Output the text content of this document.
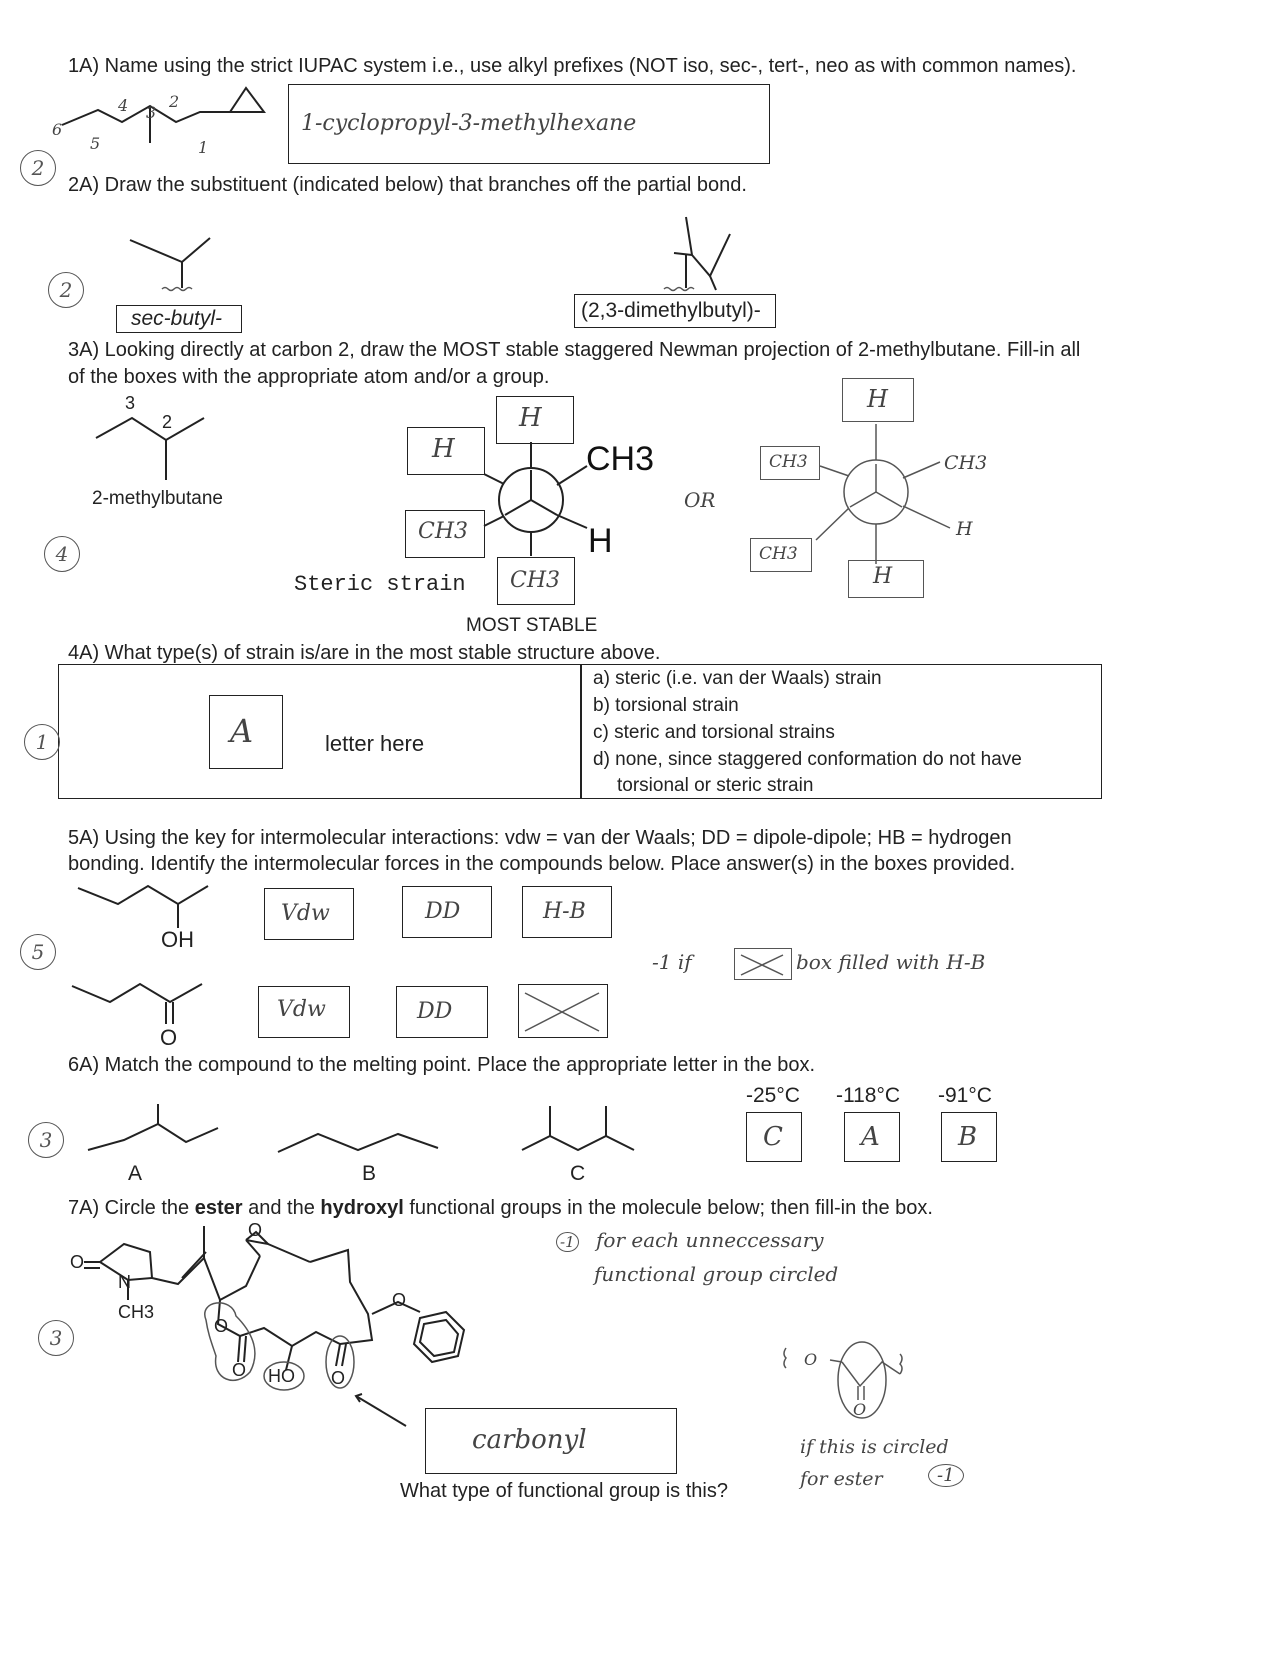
1A) Name using the strict IUPAC system i.e., use alkyl prefixes (NOT iso, sec-, tert-, neo as with common names).
6
5
4 3
2
1
1-cyclopropyl-3-methylhexane
2
2A) Draw the substituent (indicated below) that branches off the partial bond.
2
sec-butyl-	(2,3-dimethylbutyl)-
3A) Looking directly at carbon 2, draw the MOST stable staggered Newman projection of 2-methylbutane. Fill-in all
of the boxes with the appropriate atom and/or a group.
3
2
2-methylbutane
4
CH3
H
H
H
CH3
CH3
Steric strain
MOST STABLE
OR
H
CH3	CH3
H
CH3
H
4A) What type(s) of strain is/are in the most stable structure above.
A	letter here
a) steric (i.e. van der Waals) strain
b) torsional strain
c) steric and torsional strains
d) none, since staggered conformation do not have
torsional or steric strain
1
5A) Using the key for intermolecular interactions: vdw = van der Waals; DD = dipole-dipole; HB = hydrogen
bonding. Identify the intermolecular forces in the compounds below. Place answer(s) in the boxes provided.
5	OH
Vdw	DD	H-B
O
Vdw	DD
-1 if	box filled with H-B
6A) Match the compound to the melting point. Place the appropriate letter in the box.
3
A	B	C
-25°C -118°C -91°C
C	A	B
7A) Circle the ester and the hydroxyl functional groups in the molecule below; then fill-in the box.
3
O
N
CH3
O
O
O HO O
O
-1 for each unneccessary
functional group circled
carbonyl
What type of functional group is this?
O
O
if this is circled
for ester	-1
